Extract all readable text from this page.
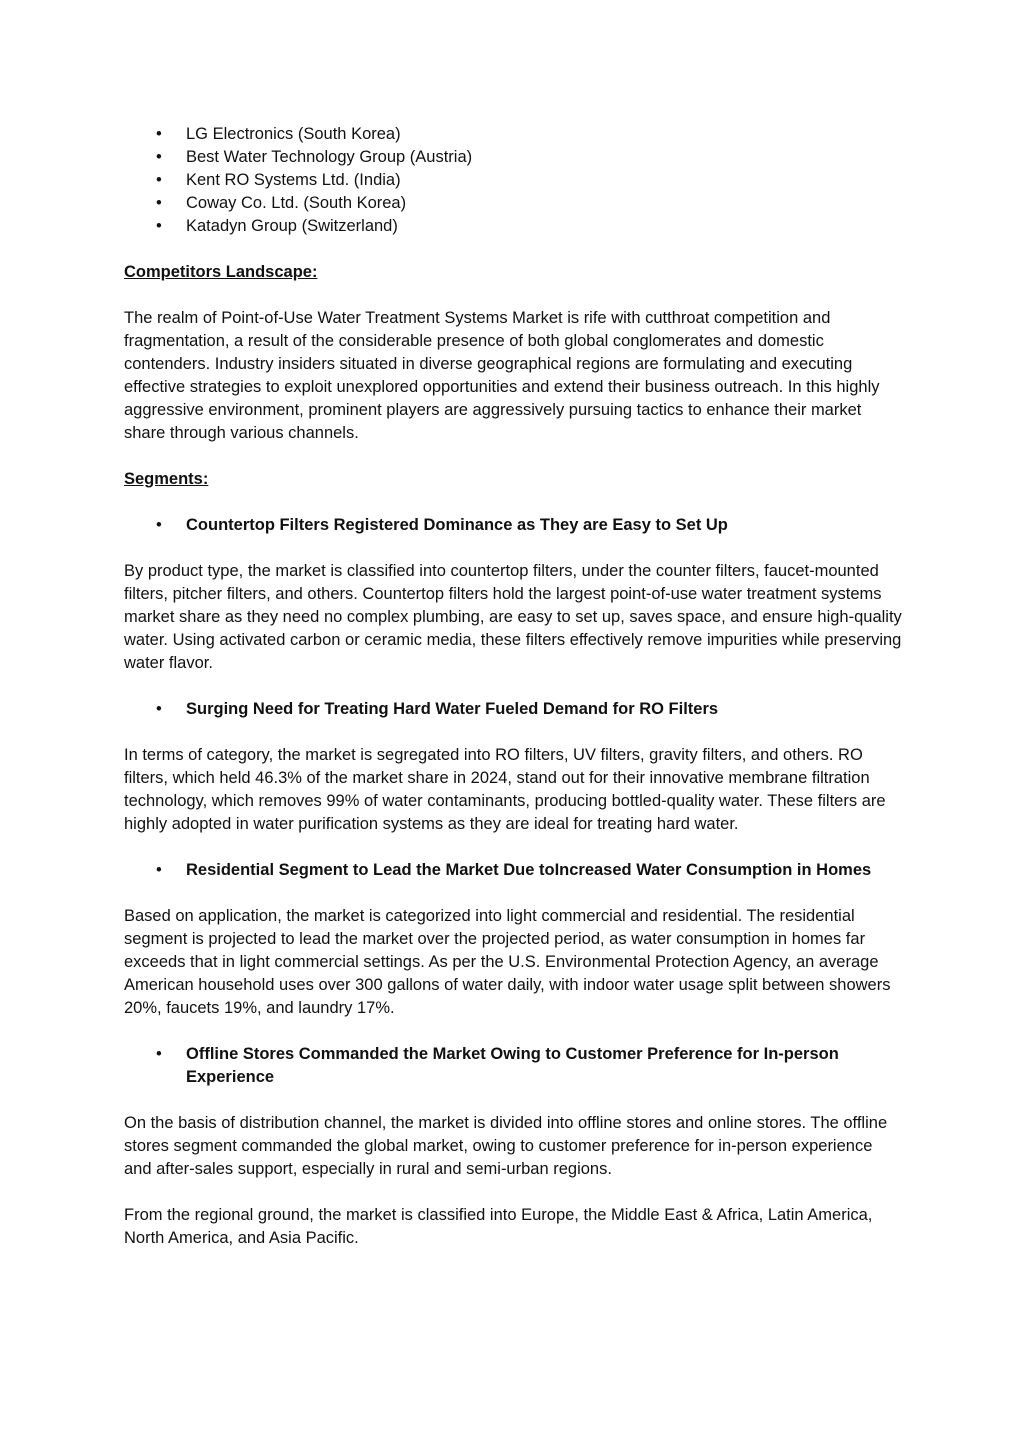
• LG Electronics (South Korea)
• Best Water Technology Group (Austria)
• Kent RO Systems Ltd. (India)
• Coway Co. Ltd. (South Korea)
• Katadyn Group (Switzerland)

Competitors Landscape:

The realm of Point-of-Use Water Treatment Systems Market is rife with cutthroat competition and fragmentation, a result of the considerable presence of both global conglomerates and domestic contenders. Industry insiders situated in diverse geographical regions are formulating and executing effective strategies to exploit unexplored opportunities and extend their business outreach. In this highly aggressive environment, prominent players are aggressively pursuing tactics to enhance their market share through various channels.

Segments:

• Countertop Filters Registered Dominance as They are Easy to Set Up

By product type, the market is classified into countertop filters, under the counter filters, faucet-mounted filters, pitcher filters, and others. Countertop filters hold the largest point-of-use water treatment systems market share as they need no complex plumbing, are easy to set up, saves space, and ensure high-quality water. Using activated carbon or ceramic media, these filters effectively remove impurities while preserving water flavor.

• Surging Need for Treating Hard Water Fueled Demand for RO Filters

In terms of category, the market is segregated into RO filters, UV filters, gravity filters, and others. RO filters, which held 46.3% of the market share in 2024, stand out for their innovative membrane filtration technology, which removes 99% of water contaminants, producing bottled-quality water. These filters are highly adopted in water purification systems as they are ideal for treating hard water.

• Residential Segment to Lead the Market Due toIncreased Water Consumption in Homes

Based on application, the market is categorized into light commercial and residential. The residential segment is projected to lead the market over the projected period, as water consumption in homes far exceeds that in light commercial settings. As per the U.S. Environmental Protection Agency, an average American household uses over 300 gallons of water daily, with indoor water usage split between showers 20%, faucets 19%, and laundry 17%.

• Offline Stores Commanded the Market Owing to Customer Preference for In-person Experience

On the basis of distribution channel, the market is divided into offline stores and online stores. The offline stores segment commanded the global market, owing to customer preference for in-person experience and after-sales support, especially in rural and semi-urban regions.

From the regional ground, the market is classified into Europe, the Middle East & Africa, Latin America, North America, and Asia Pacific.
